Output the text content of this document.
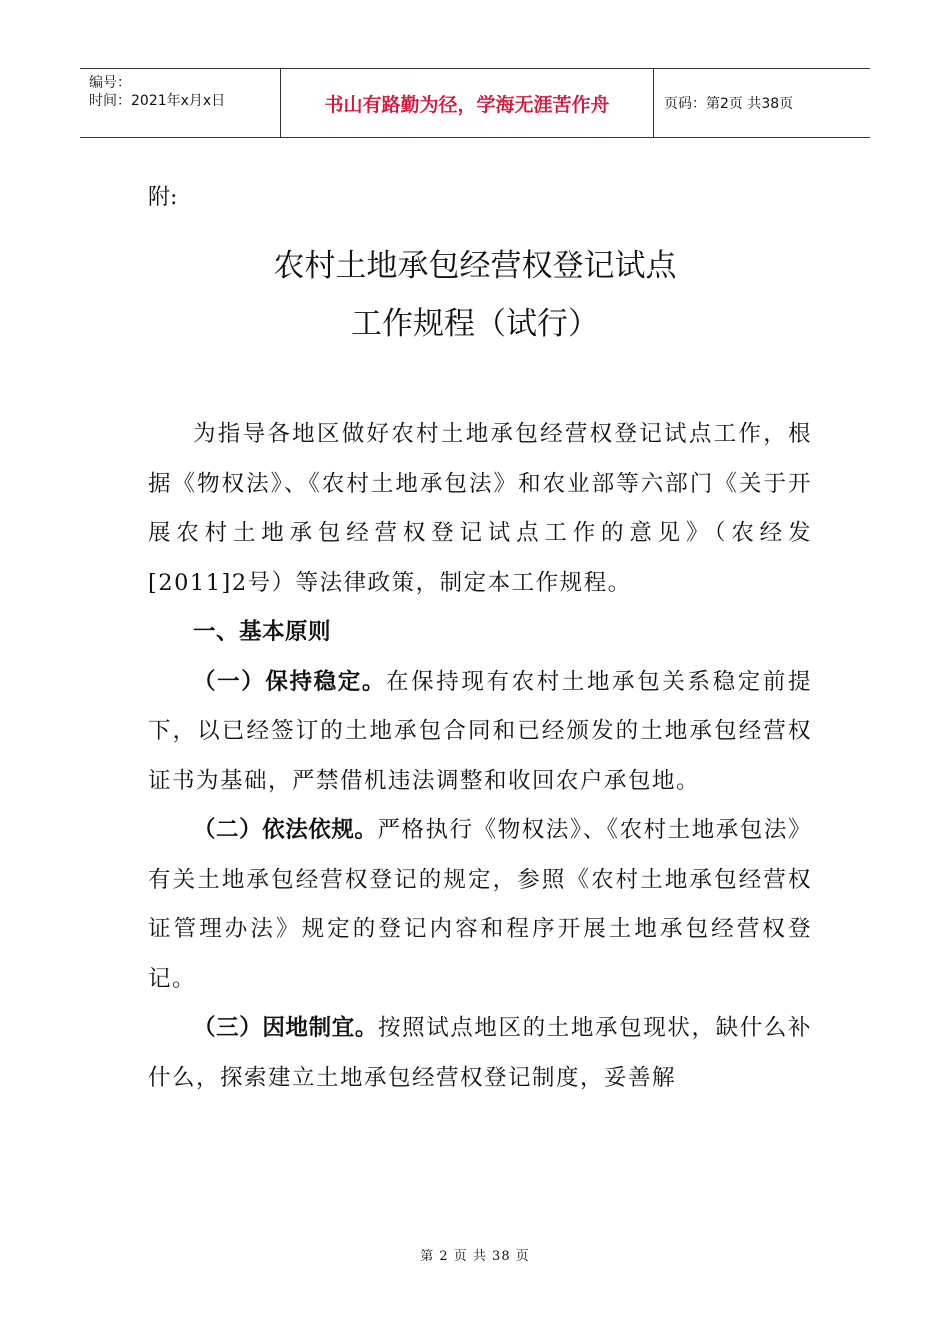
编号：
时间：2021年x月x日	书山有路勤为径，学海无涯苦作舟	页码：第2页 共38页
附:
农村土地承包经营权登记试点
工作规程（试行）

为指导各地区做好农村土地承包经营权登记试点工作，根据《物权法》、《农村土地承包法》和农业部等六部门《关于开展农村土地承包经营权登记试点工作的意见》（农经发[2011]2号）等法律政策，制定本工作规程。

一、基本原则

（一）保持稳定。在保持现有农村土地承包关系稳定前提下，以已经签订的土地承包合同和已经颁发的土地承包经营权证书为基础，严禁借机违法调整和收回农户承包地。

（二）依法依规。严格执行《物权法》、《农村土地承包法》有关土地承包经营权登记的规定，参照《农村土地承包经营权证管理办法》规定的登记内容和程序开展土地承包经营权登记。

（三）因地制宜。按照试点地区的土地承包现状，缺什么补什么，探索建立土地承包经营权登记制度，妥善解

第 2 页 共 38 页
